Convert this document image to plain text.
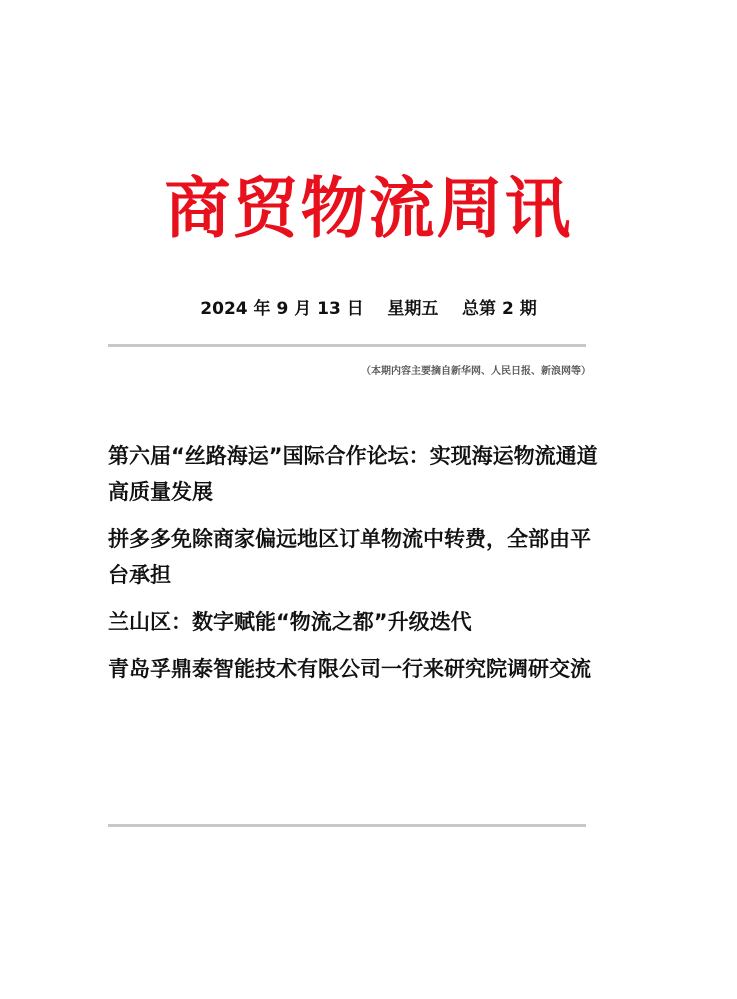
商贸物流周讯
2024 年 9 月 13 日    星期五    总第 2 期
（本期内容主要摘自新华网、人民日报、新浪网等）
第六届“丝路海运”国际合作论坛：实现海运物流通道高质量发展
拼多多免除商家偏远地区订单物流中转费，全部由平台承担
兰山区：数字赋能“物流之都”升级迭代
青岛孚鼎泰智能技术有限公司一行来研究院调研交流
